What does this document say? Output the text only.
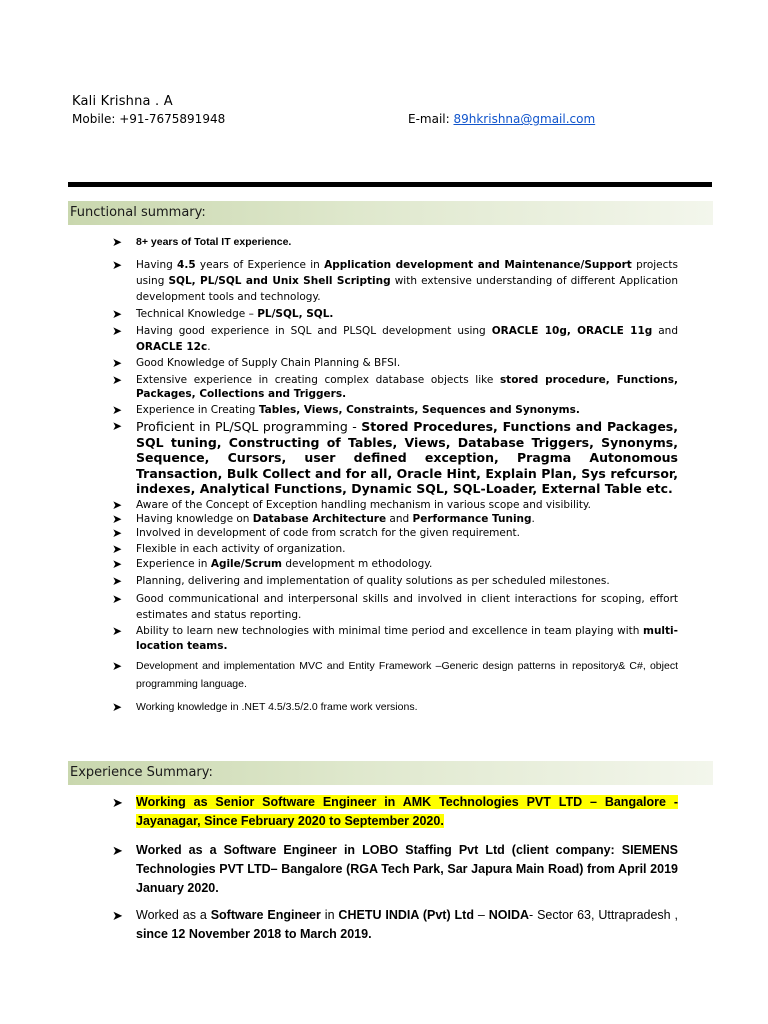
Kali Krishna . A
Mobile: +91-7675891948	E-mail: 89hkrishna@gmail.com
Functional summary:
➤ 8+ years of Total IT experience.
➤ Having 4.5 years of Experience in Application development and Maintenance/Support projects using SQL, PL/SQL and Unix Shell Scripting with extensive understanding of different Application development tools and technology.
➤ Technical Knowledge – PL/SQL, SQL.
➤ Having good experience in SQL and PLSQL development using ORACLE 10g, ORACLE 11g and ORACLE 12c.
➤ Good Knowledge of Supply Chain Planning & BFSI.
➤ Extensive experience in creating complex database objects like stored procedure, Functions, Packages, Collections and Triggers.
➤ Experience in Creating Tables, Views, Constraints, Sequences and Synonyms.
➤ Proficient in PL/SQL programming - Stored Procedures, Functions and Packages, SQL tuning, Constructing of Tables, Views, Database Triggers, Synonyms, Sequence, Cursors, user defined exception, Pragma Autonomous Transaction, Bulk Collect and for all, Oracle Hint, Explain Plan, Sys refcursor, indexes, Analytical Functions, Dynamic SQL, SQL-Loader, External Table etc.
➤ Aware of the Concept of Exception handling mechanism in various scope and visibility.
➤ Having knowledge on Database Architecture and Performance Tuning.
➤ Involved in development of code from scratch for the given requirement.
➤ Flexible in each activity of organization.
➤ Experience in Agile/Scrum development m ethodology.
➤ Planning, delivering and implementation of quality solutions as per scheduled milestones.
➤ Good communicational and interpersonal skills and involved in client interactions for scoping, effort estimates and status reporting.
➤ Ability to learn new technologies with minimal time period and excellence in team playing with multi-location teams.
➤ Development and implementation MVC and Entity Framework –Generic design patterns in repository& C#, object programming language.
➤ Working knowledge in .NET 4.5/3.5/2.0 frame work versions.
Experience Summary:
➤ Working as Senior Software Engineer in AMK Technologies PVT LTD – Bangalore - Jayanagar, Since February 2020 to September 2020.
➤ Worked as a Software Engineer in LOBO Staffing Pvt Ltd (client company: SIEMENS Technologies PVT LTD– Bangalore (RGA Tech Park, Sar Japura Main Road) from April 2019 January 2020.
➤ Worked as a Software Engineer in CHETU INDIA (Pvt) Ltd – NOIDA- Sector 63, Uttrapradesh , since 12 November 2018 to March 2019.
